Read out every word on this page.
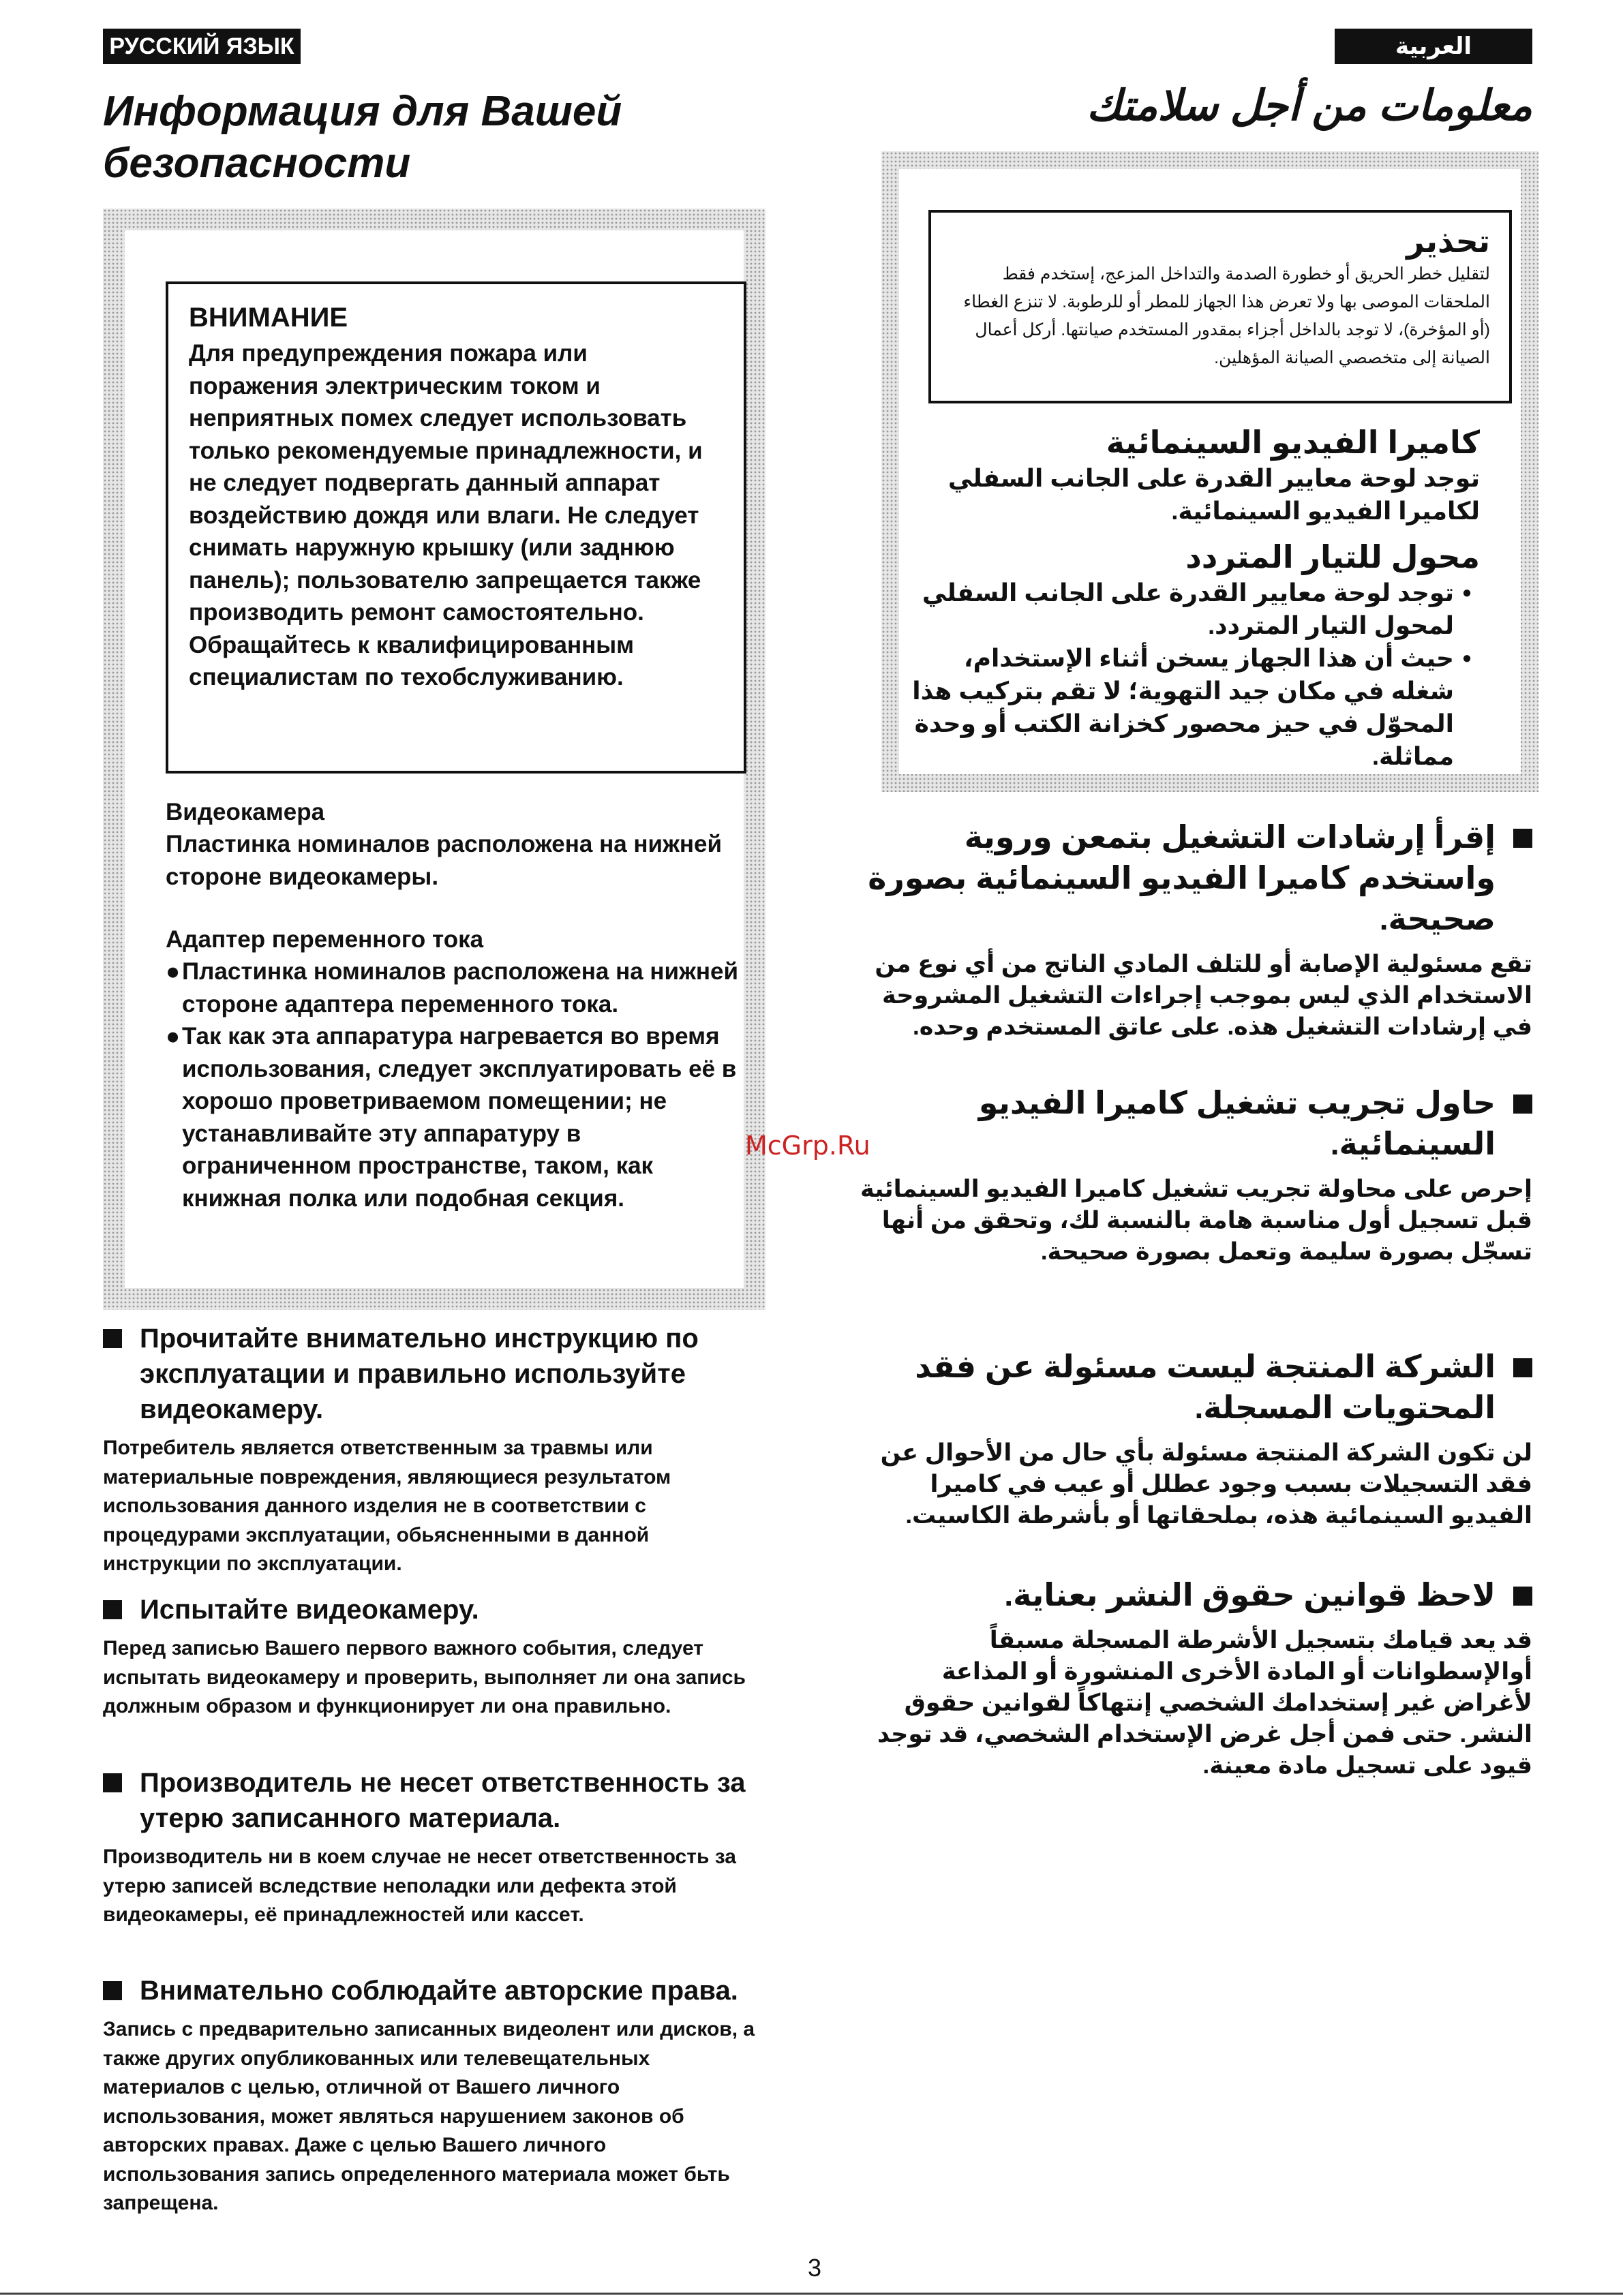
РУССКИЙ ЯЗЫК	العربية
Информация для Вашей безопасности
معلومات من أجل سلامتك
ВНИМАНИЕ
Для предупреждения пожара или поражения электрическим током и неприятных помех следует использовать только рекомендуемые принадлежности, и не следует подвергать данный аппарат воздействию дождя или влаги. Не следует снимать наружную крышку (или заднюю панель); пользователю запрещается также производить ремонт самостоятельно. Обращайтесь к квалифицированным специалистам по техобслуживанию.
Видеокамера
Пластинка номиналов расположена на нижней стороне видеокамеры.
Адаптер переменного тока
● Пластинка номиналов расположена на нижней стороне адаптера переменного тока.
● Так как эта аппаратура нагревается во время использования, следует эксплуатировать её в хорошо проветриваемом помещении; не устанавливайте эту аппаратуру в ограниченном пространстве, таком, как книжная полка или подобная секция.
Прочитайте внимательно инструкцию по эксплуатации и правильно используйте видеокамеру.
Потребитель является ответственным за травмы или материальные повреждения, являющиеся результатом использования данного изделия не в соответствии с процедурами эксплуатации, обьясненными в данной инструкции по эксплуатации.
Испытайте видеокамеру.
Перед записью Вашего первого важного события, следует испытать видеокамеру и проверить, выполняет ли она запись должным образом и функционирует ли она правильно.
Производитель не несет ответственность за утерю записанного материала.
Производитель ни в коем случае не несет ответственность за утерю записей вследствие неполадки или дефекта этой видеокамеры, её принадлежностей или кассет.
Внимательно соблюдайте авторские права.
Запись с предварительно записанных видеолент или дисков, а также других опубликованных или телевещательных материалов с целью, отличной от Вашего личного использования, может являться нарушением законов об авторских правах. Даже с целью Вашего личного использования запись определенного материала может бьть запрещена.
تحذير
لتقليل خطر الحريق أو خطورة الصدمة والتداخل المزعج، إستخدم فقط الملحقات الموصى بها ولا تعرض هذا الجهاز للمطر أو للرطوبة. لا تنزع الغطاء (أو المؤخرة)، لا توجد بالداخل أجزاء بمقدور المستخدم صيانتها. أركل أعمال الصيانة إلى متخصصي الصيانة المؤهلين.
كاميرا الفيديو السينمائية
توجد لوحة معايير القدرة على الجانب السفلي لكاميرا الفيديو السينمائية.
محول للتيار المتردد
•
توجد لوحة معايير القدرة على الجانب السفلي لمحول التيار المتردد.
•
حيث أن هذا الجهاز يسخن أثناء الإستخدام، شغله في مكان جيد التهوية؛ لا تقم بتركيب هذا المحوّل في حيز محصور كخزانة الكتب أو وحدة مماثلة.
إقرأ إرشادات التشغيل بتمعن وروية واستخدم كاميرا الفيديو السينمائية بصورة صحيحة.
تقع مسئولية الإصابة أو للتلف المادي الناتج من أي نوع من الاستخدام الذي ليس بموجب إجراءات التشغيل المشروحة في إرشادات التشغيل هذه. على عاتق المستخدم وحده.
حاول تجريب تشغيل كاميرا الفيديو السينمائية.
إحرص على محاولة تجريب تشغيل كاميرا الفيديو السينمائية قبل تسجيل أول مناسبة هامة بالنسبة لك، وتحقق من أنها تسجّل بصورة سليمة وتعمل بصورة صحيحة.
الشركة المنتجة ليست مسئولة عن فقد المحتويات المسجلة.
لن تكون الشركة المنتجة مسئولة بأي حال من الأحوال عن فقد التسجيلات بسبب وجود عطلل أو عيب في كاميرا الفيديو السينمائية هذه، بملحقاتها أو بأشرطة الكاسيت.
لاحظ قوانين حقوق النشر بعناية.
قد يعد قيامك بتسجيل الأشرطة المسجلة مسبقاً أوالإسطوانات أو المادة الأخرى المنشورة أو المذاعة لأغراض غير إستخدامك الشخصي إنتهاكاً لقوانين حقوق النشر. حتى فمن أجل غرض الإستخدام الشخصي، قد توجد قيود على تسجيل مادة معينة.
McGrp.Ru
3
